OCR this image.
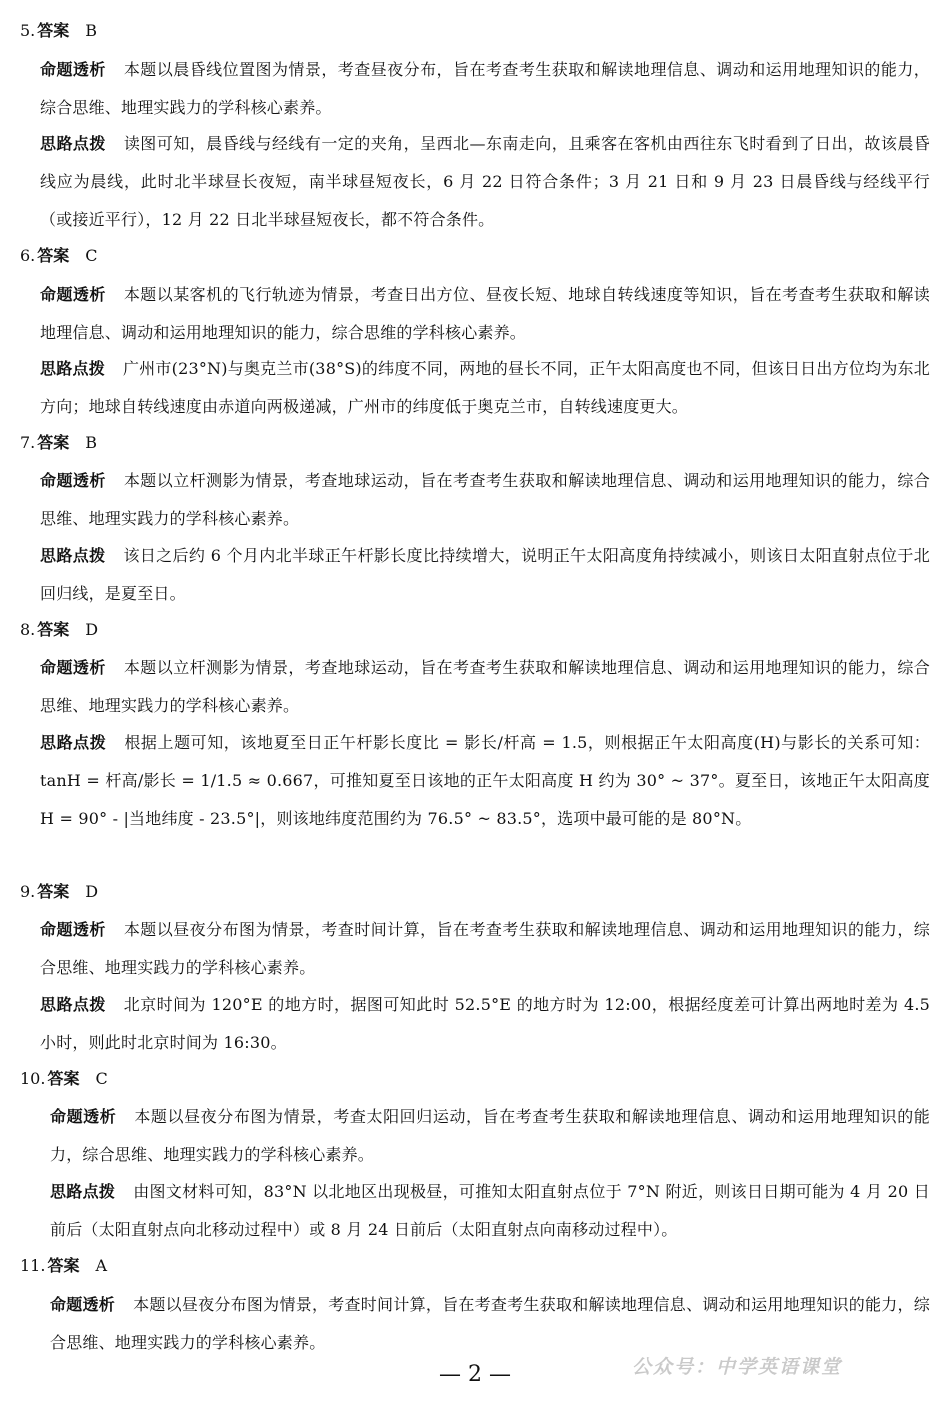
5. 答案 B
命题透析 本题以晨昏线位置图为情景，考查昼夜分布，旨在考查考生获取和解读地理信息、调动和运用地理知识的能力，综合思维、地理实践力的学科核心素养。
思路点拨 读图可知，晨昏线与经线有一定的夹角，呈西北—东南走向，且乘客在客机由西往东飞时看到了日出，故该晨昏线应为晨线，此时北半球昼长夜短，南半球昼短夜长，6 月 22 日符合条件；3 月 21 日和 9 月 23 日晨昏线与经线平行（或接近平行），12 月 22 日北半球昼短夜长，都不符合条件。
6. 答案 C
命题透析 本题以某客机的飞行轨迹为情景，考查日出方位、昼夜长短、地球自转线速度等知识，旨在考查考生获取和解读地理信息、调动和运用地理知识的能力，综合思维的学科核心素养。
思路点拨 广州市(23°N)与奥克兰市(38°S)的纬度不同，两地的昼长不同，正午太阳高度也不同，但该日日出方位均为东北方向；地球自转线速度由赤道向两极递减，广州市的纬度低于奥克兰市，自转线速度更大。
7. 答案 B
命题透析 本题以立杆测影为情景，考查地球运动，旨在考查考生获取和解读地理信息、调动和运用地理知识的能力，综合思维、地理实践力的学科核心素养。
思路点拨 该日之后约 6 个月内北半球正午杆影长度比持续增大，说明正午太阳高度角持续减小，则该日太阳直射点位于北回归线，是夏至日。
8. 答案 D
命题透析 本题以立杆测影为情景，考查地球运动，旨在考查考生获取和解读地理信息、调动和运用地理知识的能力，综合思维、地理实践力的学科核心素养。
思路点拨 根据上题可知，该地夏至日正午杆影长度比 = 影长/杆高 = 1.5，则根据正午太阳高度(H)与影长的关系可知：tanH = 杆高/影长 = 1/1.5 ≈ 0.667，可推知夏至日该地的正午太阳高度 H 约为 30° ~ 37°。夏至日，该地正午太阳高度 H = 90° - |当地纬度 - 23.5°|，则该地纬度范围约为 76.5° ~ 83.5°，选项中最可能的是 80°N。
9. 答案 D
命题透析 本题以昼夜分布图为情景，考查时间计算，旨在考查考生获取和解读地理信息、调动和运用地理知识的能力，综合思维、地理实践力的学科核心素养。
思路点拨 北京时间为 120°E 的地方时，据图可知此时 52.5°E 的地方时为 12:00，根据经度差可计算出两地时差为 4.5 小时，则此时北京时间为 16:30。
10. 答案 C
命题透析 本题以昼夜分布图为情景，考查太阳回归运动，旨在考查考生获取和解读地理信息、调动和运用地理知识的能力，综合思维、地理实践力的学科核心素养。
思路点拨 由图文材料可知，83°N 以北地区出现极昼，可推知太阳直射点位于 7°N 附近，则该日日期可能为 4 月 20 日前后（太阳直射点向北移动过程中）或 8 月 24 日前后（太阳直射点向南移动过程中）。
11. 答案 A
命题透析 本题以昼夜分布图为情景，考查时间计算，旨在考查考生获取和解读地理信息、调动和运用地理知识的能力，综合思维、地理实践力的学科核心素养。
— 2 —	公众号：中学英语课堂
